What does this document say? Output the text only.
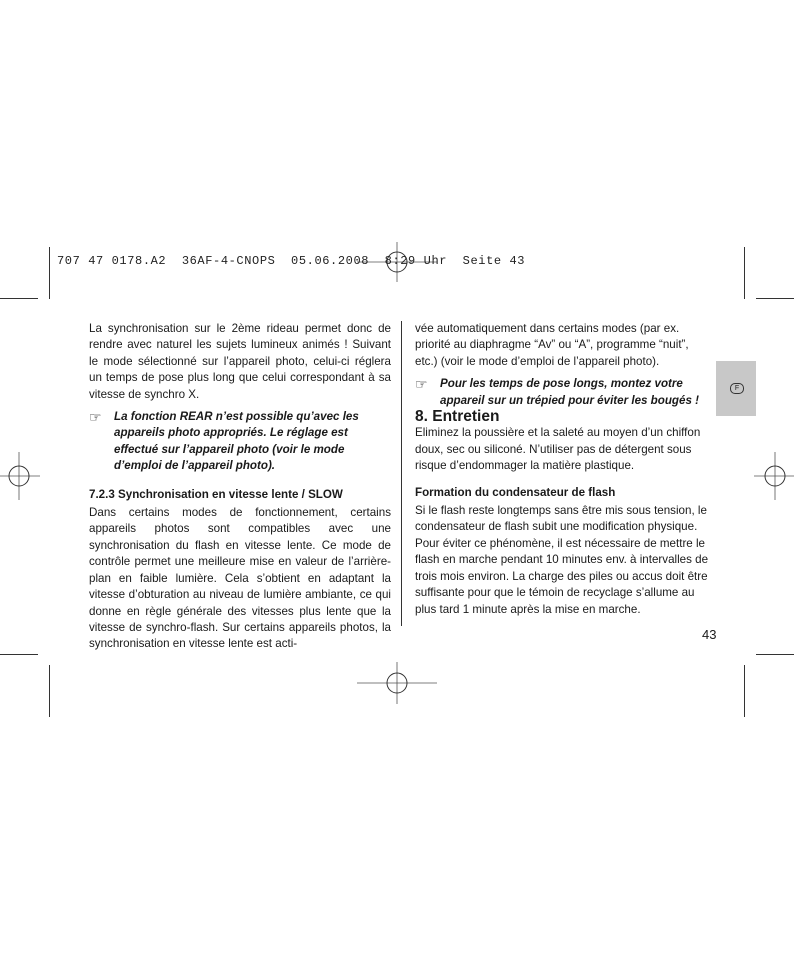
707 47 0178.A2  36AF-4-CNOPS  05.06.2008  8:29 Uhr  Seite 43

La synchronisation sur le 2ème rideau permet donc de rendre avec naturel les sujets lumineux animés ! Suivant le mode sélectionné sur l’appareil photo, celui-ci réglera un temps de pose plus long que celui correspondant à sa vitesse de synchro X.

☞ La fonction REAR n’est possible qu’avec les appareils photo appropriés. Le réglage est effectué sur l’appareil photo (voir le mode d’emploi de l’appareil photo).

7.2.3 Synchronisation en vitesse lente / SLOW

Dans certains modes de fonctionnement, certains appareils photos sont compatibles avec une synchronisation du flash en vitesse lente. Ce mode de contrôle permet une meilleure mise en valeur de l’arrière-plan en faible lumière. Cela s’obtient en adaptant la vitesse d’obturation au niveau de lumière ambiante, ce qui donne en règle générale des vitesses plus lente que la vitesse de synchro-flash. Sur certains appareils photos, la synchronisation en vitesse lente est acti-

vée automatiquement dans certains modes (par ex. priorité au diaphragme “Av” ou “A”, programme “nuit”, etc.) (voir le mode d’emploi de l’appareil photo).

☞ Pour les temps de pose longs, montez votre appareil sur un trépied pour éviter les bougés !

8. Entretien

Eliminez la poussière et la saleté au moyen d’un chiffon doux, sec ou siliconé. N’utiliser pas de détergent sous risque d’endommager la matière plastique.

Formation du condensateur de flash

Si le flash reste longtemps sans être mis sous tension, le condensateur de flash subit une modification physique. Pour éviter ce phénomène, il est nécessaire de mettre le flash en marche pendant 10 minutes env. à intervalles de trois mois environ. La charge des piles ou accus doit être suffisante pour que le témoin de recyclage s’allume au plus tard 1 minute après la mise en marche.

F
43
